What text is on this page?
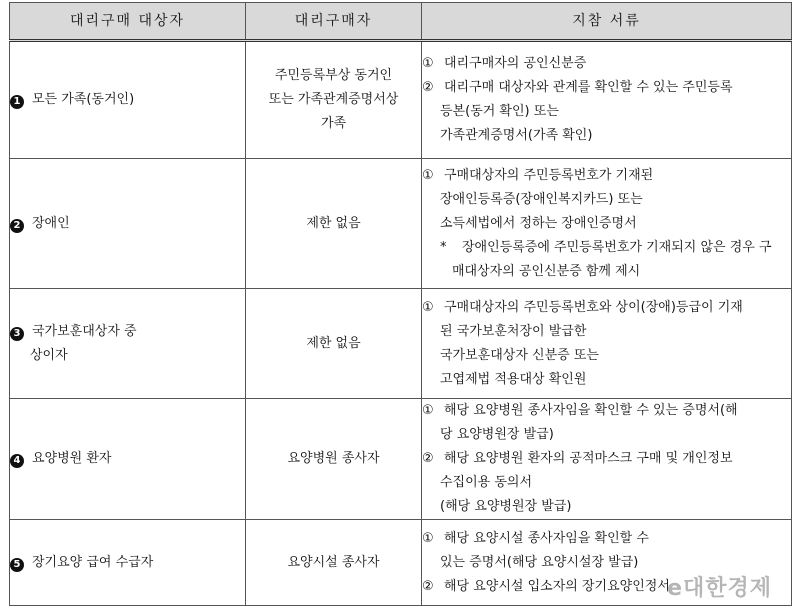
대리구매 대상자	대리구매자	지참 서류

1 모든 가족(동거인)	주민등록부상 동거인
또는 가족관계증명서상
가족	① 대리구매자의 공인신분증
② 대리구매 대상자와 관계를 확인할 수 있는 주민등록
등본(동거 확인) 또는
가족관계증명서(가족 확인)

2 장애인	제한 없음	① 구매대상자의 주민등록번호가 기재된
장애인등록증(장애인복지카드) 또는
소득세법에서 정하는 장애인증명서
* 장애인등록증에 주민등록번호가 기재되지 않은 경우 구
매대상자의 공인신분증 함께 제시

3 국가보훈대상자 중
상이자	제한 없음	① 구매대상자의 주민등록번호와 상이(장애)등급이 기재
된 국가보훈처장이 발급한
국가보훈대상자 신분증 또는
고엽제법 적용대상 확인원

4 요양병원 환자	요양병원 종사자	① 해당 요양병원 종사자임을 확인할 수 있는 증명서(해
당 요양병원장 발급)
② 해당 요양병원 환자의 공적마스크 구매 및 개인정보
수집이용 동의서
(해당 요양병원장 발급)

5 장기요양 급여 수급자	요양시설 종사자	① 해당 요양시설 종사자임을 확인할 수
있는 증명서(해당 요양시설장 발급)
② 해당 요양시설 입소자의 장기요양인정서
e대한경제
